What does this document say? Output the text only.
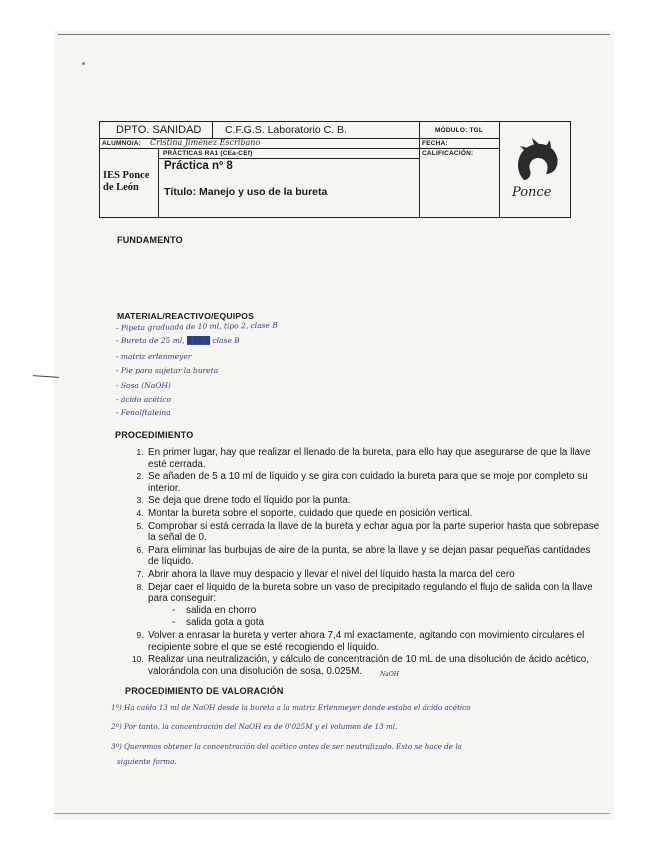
DPTO. SANIDAD C.F.G.S. Laboratorio C. B.	MÓDULO: TGL
ALUMNO/A: Cristina Jiménez Escribano	FECHA:
IES Ponce de León
PRÁCTICAS RA1 (CEa-CEf)
Práctica nº 8
Título: Manejo y uso de la bureta
CALIFICACIÓN:
Ponce
FUNDAMENTO
MATERIAL/REACTIVO/EQUIPOS
- Pipeta graduada de 10 ml, tipo 2, clase B
- Bureta de 25 ml, ████ clase B
- matriz erlenmeyer
- Pie para sujetar la bureta
- Sosa (NaOH)
- ácido acético
- Fenolftaleína
PROCEDIMIENTO
1. En primer lugar, hay que realizar el llenado de la bureta, para ello hay que asegurarse de que la llave esté cerrada.
2. Se añaden de 5 a 10 ml de líquido y se gira con cuidado la bureta para que se moje por completo su interior.
3. Se deja que drene todo el líquido por la punta.
4. Montar la bureta sobre el soporte, cuidado que quede en posición vertical.
5. Comprobar si está cerrada la llave de la bureta y echar agua por la parte superior hasta que sobrepase la señal de 0.
6. Para eliminar las burbujas de aire de la punta, se abre la llave y se dejan pasar pequeñas cantidades de líquido.
7. Abrir ahora la llave muy despacio y llevar el nivel del líquido hasta la marca del cero
8. Dejar caer el líquido de la bureta sobre un vaso de precipitado regulando el flujo de salida con la llave para conseguir:
- salida en chorro
- salida gota a gota
9. Volver a enrasar la bureta y verter ahora 7,4 ml exactamente, agitando con movimiento circulares el recipiente sobre el que se esté recogiendo el líquido.
10. Realizar una neutralización, y cálculo de concentración de 10 mL de una disolución de ácido acético, valorándola con una disolución de sosa, 0.025M.	NaOH
PROCEDIMIENTO DE VALORACIÓN
1º) Ha caído 13 ml de NaOH desde la bureta a la matriz Erlenmeyer donde estaba el ácido acético
2º) Por tanto, la concentración del NaOH es de 0'025M y el volumen de 13 ml.
3º) Queremos obtener la concentración del acético antes de ser neutralizado. Esto se hace de la
siguiente forma.
